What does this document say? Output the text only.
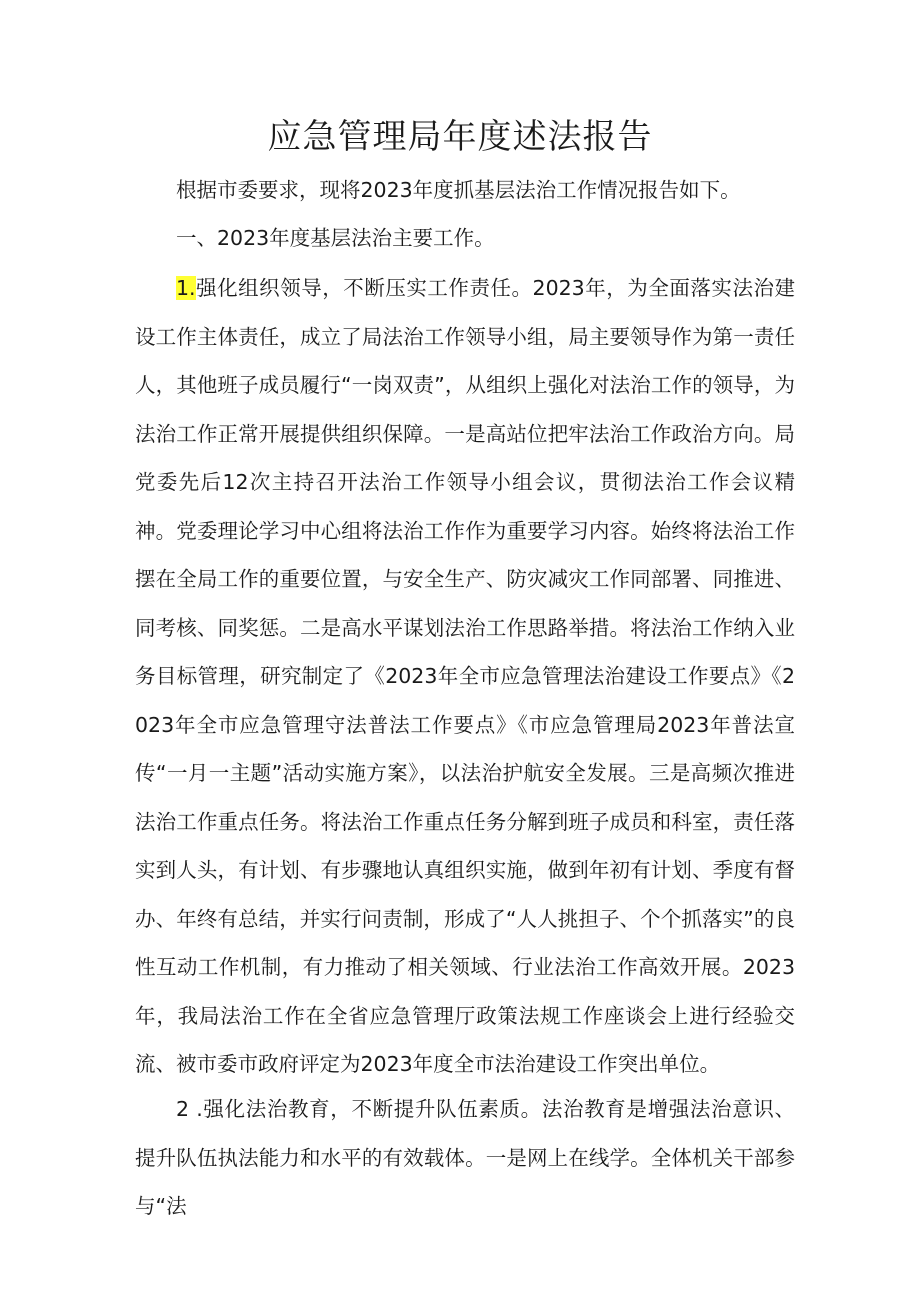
应急管理局年度述法报告

根据市委要求，现将2023年度抓基层法治工作情况报告如下。

一、2023年度基层法治主要工作。

1.强化组织领导，不断压实工作责任。2023年，为全面落实法治建设工作主体责任，成立了局法治工作领导小组，局主要领导作为第一责任人，其他班子成员履行“一岗双责”，从组织上强化对法治工作的领导，为法治工作正常开展提供组织保障。一是高站位把牢法治工作政治方向。局党委先后12次主持召开法治工作领导小组会议，贯彻法治工作会议精神。党委理论学习中心组将法治工作作为重要学习内容。始终将法治工作摆在全局工作的重要位置，与安全生产、防灾减灾工作同部署、同推进、同考核、同奖惩。二是高水平谋划法治工作思路举措。将法治工作纳入业务目标管理，研究制定了《2023年全市应急管理法治建设工作要点》《2023年全市应急管理守法普法工作要点》《市应急管理局2023年普法宣传“一月一主题”活动实施方案》，以法治护航安全发展。三是高频次推进法治工作重点任务。将法治工作重点任务分解到班子成员和科室，责任落实到人头，有计划、有步骤地认真组织实施，做到年初有计划、季度有督办、年终有总结，并实行问责制，形成了“人人挑担子、个个抓落实”的良性互动工作机制，有力推动了相关领域、行业法治工作高效开展。2023年，我局法治工作在全省应急管理厅政策法规工作座谈会上进行经验交流、被市委市政府评定为2023年度全市法治建设工作突出单位。

2 .强化法治教育，不断提升队伍素质。法治教育是增强法治意识、提升队伍执法能力和水平的有效载体。一是网上在线学。全体机关干部参与“法
